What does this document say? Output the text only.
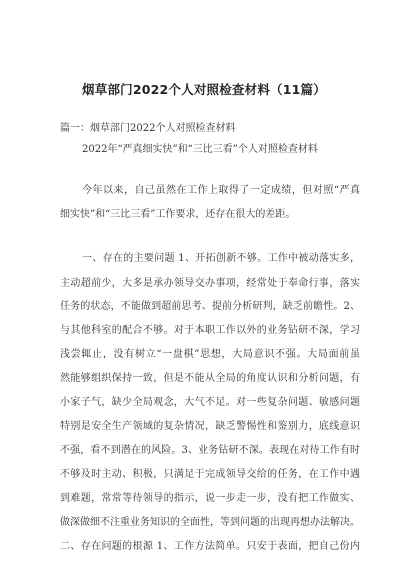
烟草部门2022个人对照检查材料（11篇）
篇一：烟草部门2022个人对照检查材料
2022年“严真细实快”和“三比三看”个人对照检查材料
今年以来，自己虽然在工作上取得了一定成绩，但对照“严真
细实快”和“三比三看”工作要求，还存在很大的差距。
一、存在的主要问题 1、开拓创新不够。工作中被动落实多，
主动超前少，大多是承办领导交办事项，经常处于奉命行事，落实
任务的状态，不能做到超前思考、提前分析研判，缺乏前瞻性。2、
与其他科室的配合不够。对于本职工作以外的业务钻研不深，学习
浅尝辄止，没有树立“一盘棋”思想，大局意识不强。大局面前虽
然能够组织保持一致，但是不能从全局的角度认识和分析问题，有
小家子气，缺少全局观念，大气不足。对一些复杂问题、敏感问题
特别是安全生产领域的复杂情况，缺乏警惕性和鉴别力，底线意识
不强，看不到潜在的风险。3、业务钻研不深。表现在对待工作有时
不够及时主动、积极，只满足于完成领导交给的任务，在工作中遇
到难题，常常等待领导的指示，说一步走一步，没有把工作做实、
做深做细不注重业务知识的全面性，等到问题的出现再想办法解决。
二、存在问题的根源 1、工作方法简单。只安于表面，把自己份内
